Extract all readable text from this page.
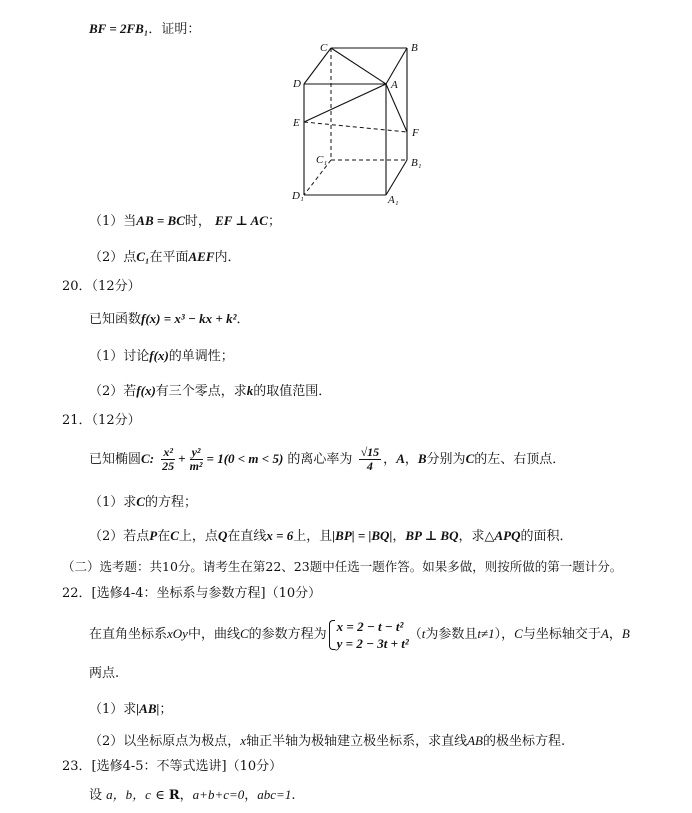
BF = 2FB₁．证明：
C	B
D	A
E
F
C₁	B₁
D₁	A₁
（1）当AB = BC时， EF ⊥ AC；
（2）点C₁在平面AEF内．
20．（12分）
已知函数f(x) = x³ − kx + k²．
（1）讨论f(x)的单调性；
（2）若f(x)有三个零点，求k的取值范围．
21．（12分）
已知椭圆C: $\frac{\text{x²}}{25} + \frac{\text{y²}}{\text{m²}} = 1(0 < m < 5)$ 的离心率为 $\frac{√15}{4}$ ，A，B分别为C的左、右顶点．
（1）求C的方程；
（2）若点P在C上，点Q在直线x = 6上，且|BP| = |BQ|，BP ⊥ BQ，求△APQ的面积．
（二）选考题：共10分。请考生在第22、23题中任选一题作答。如果多做，则按所做的第一题计分。
22．[选修4-4：坐标系与参数方程]（10分）
在直角坐标系xOy中，曲线C的参数方程为
x = 2 − t − t²
y = 2 − 3t + t²
（t为参数且t≠1），C与坐标轴交于A，B
两点.
（1）求|AB|；
（2）以坐标原点为极点，x轴正半轴为极轴建立极坐标系，求直线AB的极坐标方程.
23．[选修4-5：不等式选讲]（10分）
设 a，b，c ∈ R，a+b+c=0，abc=1.
